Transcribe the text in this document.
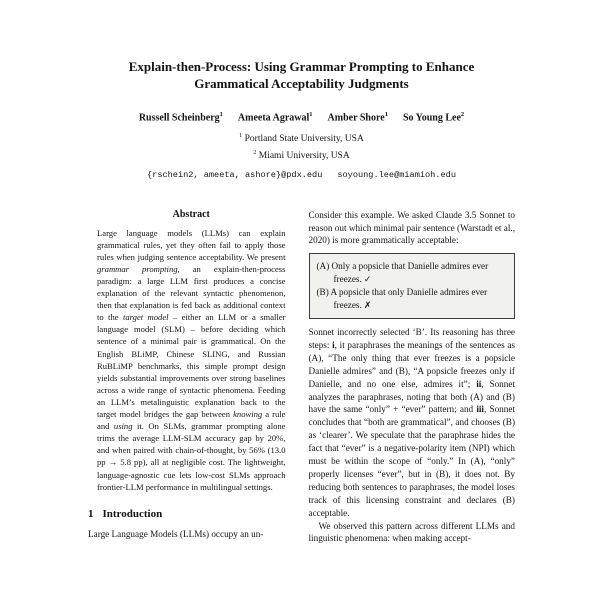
Explain-then-Process: Using Grammar Prompting to Enhance
Grammatical Acceptability Judgments
Russell Scheinberg$^1$ Ameeta Agrawal$^1$ Amber Shore$^1$ So Young Lee$^2$
$^1$ Portland State University, USA
$^2$ Miami University, USA
{rschein2, ameeta, ashore}@pdx.edu soyoung.lee@miamioh.edu
Abstract

Large language models (LLMs) can explain grammatical rules, yet they often fail to apply those rules when judging sentence acceptability. We present grammar prompting, an explain-then-process paradigm: a large LLM first produces a concise explanation of the relevant syntactic phenomenon, then that explanation is fed back as additional context to the target model – either an LLM or a smaller language model (SLM) – before deciding which sentence of a minimal pair is grammatical. On the English BLiMP, Chinese SLING, and Russian RuBLiMP benchmarks, this simple prompt design yields substantial improvements over strong baselines across a wide range of syntactic phenomena. Feeding an LLM’s metalinguistic explanation back to the target model bridges the gap between knowing a rule and using it. On SLMs, grammar prompting alone trims the average LLM-SLM accuracy gap by 20%, and when paired with chain-of-thought, by 56% (13.0 pp → 5.8 pp), all at negligible cost. The lightweight, language-agnostic cue lets low-cost SLMs approach frontier-LLM performance in multilingual settings.

1 Introduction

Large Language Models (LLMs) occupy an un-

Consider this example. We asked Claude 3.5 Sonnet to reason out which minimal pair sentence (Warstadt et al., 2020) is more grammatically acceptable:

(A) Only a popsicle that Danielle admires ever freezes. ✓
(B) A popsicle that only Danielle admires ever freezes. ✗

Sonnet incorrectly selected ‘B’. Its reasoning has three steps: i, it paraphrases the meanings of the sentences as (A), “The only thing that ever freezes is a popsicle Danielle admires” and (B), “A popsicle freezes only if Danielle, and no one else, admires it”; ii, Sonnet analyzes the paraphrases, noting that both (A) and (B) have the same “only” + “ever” pattern; and iii, Sonnet concludes that “both are grammatical”, and chooses (B) as ‘clearer’. We speculate that the paraphrase hides the fact that “ever” is a negative-polarity item (NPI) which must be within the scope of “only.” In (A), “only” properly licenses “ever”, but in (B), it does not. By reducing both sentences to paraphrases, the model loses track of this licensing constraint and declares (B) acceptable.

We observed this pattern across different LLMs and linguistic phenomena: when making accept-
